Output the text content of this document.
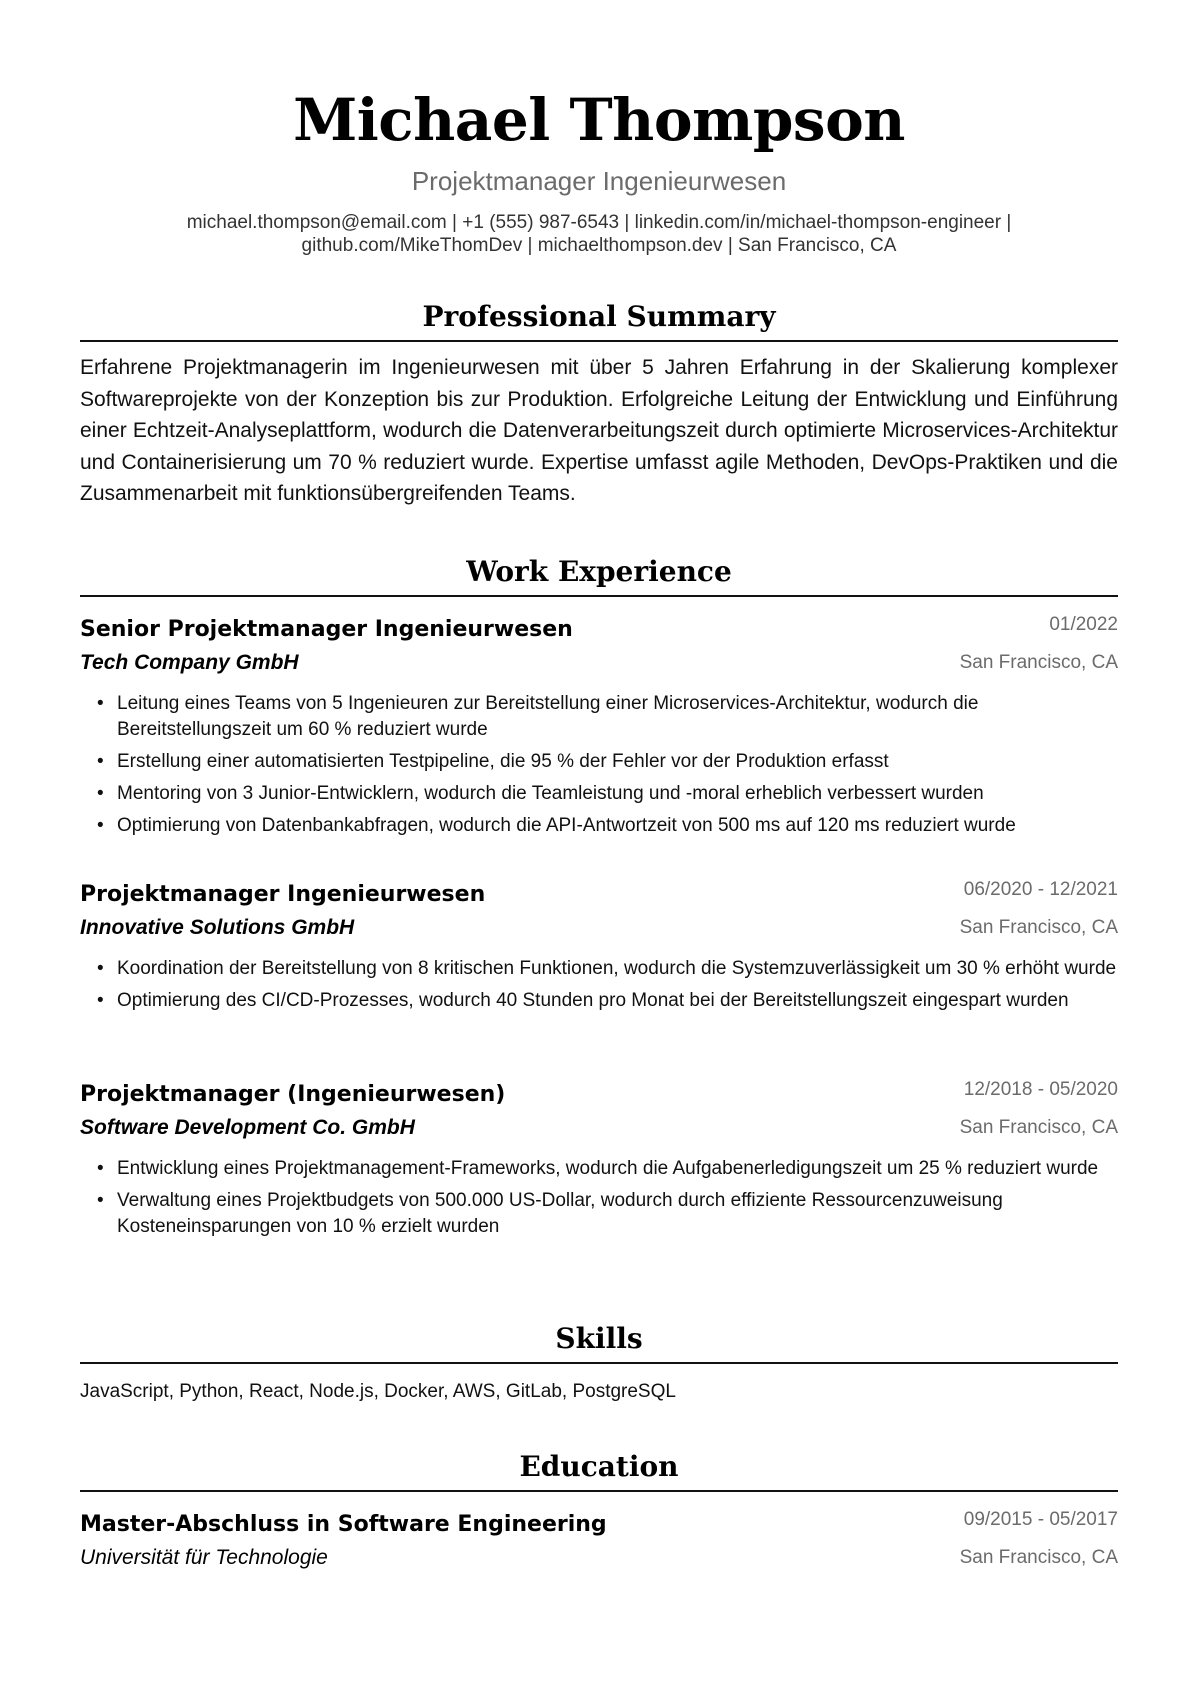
Michael Thompson
Projektmanager Ingenieurwesen
michael.thompson@email.com | +1 (555) 987-6543 | linkedin.com/in/michael-thompson-engineer |
github.com/MikeThomDev | michaelthompson.dev | San Francisco, CA
Professional Summary
Erfahrene Projektmanagerin im Ingenieurwesen mit über 5 Jahren Erfahrung in der Skalierung komplexer Softwareprojekte von der Konzeption bis zur Produktion. Erfolgreiche Leitung der Entwicklung und Einführung einer Echtzeit-Analyseplattform, wodurch die Datenverarbeitungszeit durch optimierte Microservices-Architektur und Containerisierung um 70 % reduziert wurde. Expertise umfasst agile Methoden, DevOps-Praktiken und die Zusammenarbeit mit funktionsübergreifenden Teams.
Work Experience
Senior Projektmanager Ingenieurwesen	01/2022
Tech Company GmbH	San Francisco, CA
• Leitung eines Teams von 5 Ingenieuren zur Bereitstellung einer Microservices-Architektur, wodurch die Bereitstellungszeit um 60 % reduziert wurde
• Erstellung einer automatisierten Testpipeline, die 95 % der Fehler vor der Produktion erfasst
• Mentoring von 3 Junior-Entwicklern, wodurch die Teamleistung und -moral erheblich verbessert wurden
• Optimierung von Datenbankabfragen, wodurch die API-Antwortzeit von 500 ms auf 120 ms reduziert wurde
Projektmanager Ingenieurwesen	06/2020 - 12/2021
Innovative Solutions GmbH	San Francisco, CA
• Koordination der Bereitstellung von 8 kritischen Funktionen, wodurch die Systemzuverlässigkeit um 30 % erhöht wurde
• Optimierung des CI/CD-Prozesses, wodurch 40 Stunden pro Monat bei der Bereitstellungszeit eingespart wurden
Projektmanager (Ingenieurwesen)	12/2018 - 05/2020
Software Development Co. GmbH	San Francisco, CA
• Entwicklung eines Projektmanagement-Frameworks, wodurch die Aufgabenerledigungszeit um 25 % reduziert wurde
• Verwaltung eines Projektbudgets von 500.000 US-Dollar, wodurch durch effiziente Ressourcenzuweisung Kosteneinsparungen von 10 % erzielt wurden
Skills
JavaScript, Python, React, Node.js, Docker, AWS, GitLab, PostgreSQL
Education
Master-Abschluss in Software Engineering	09/2015 - 05/2017
Universität für Technologie	San Francisco, CA
